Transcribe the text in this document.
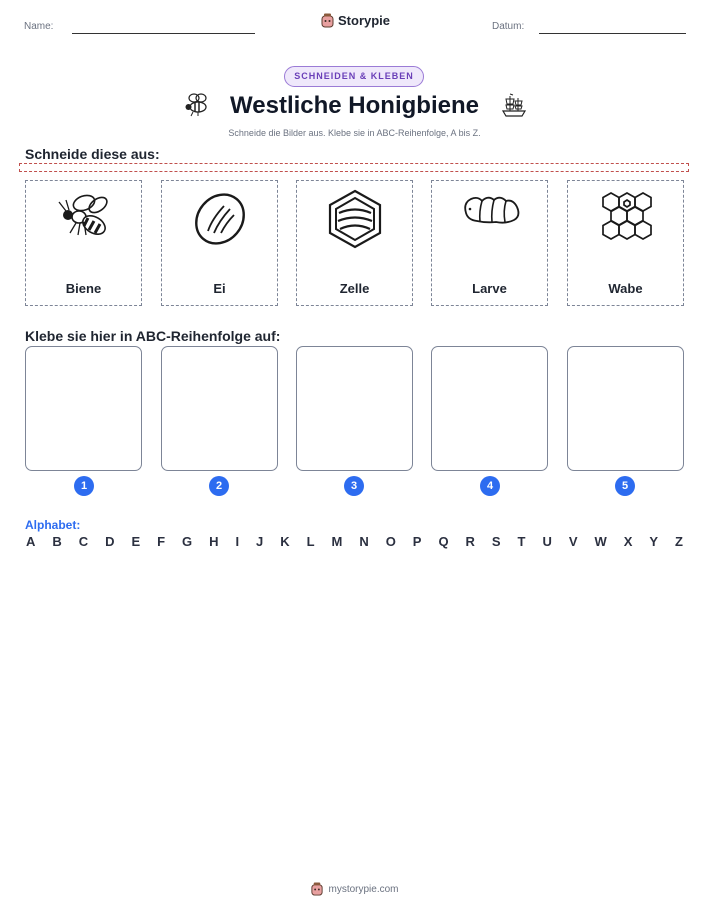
Name:	Storypie	Datum:
SCHNEIDEN & KLEBEN
Westliche Honigbiene
Schneide die Bilder aus. Klebe sie in ABC-Reihenfolge, A bis Z.
Schneide diese aus:
Biene	Ei	Zelle	Larve	Wabe
Klebe sie hier in ABC-Reihenfolge auf:
1	2	3	4	5
Alphabet:
A B C D E F G H I J K L M N O P Q R S T U V W X Y Z
mystorypie.com
